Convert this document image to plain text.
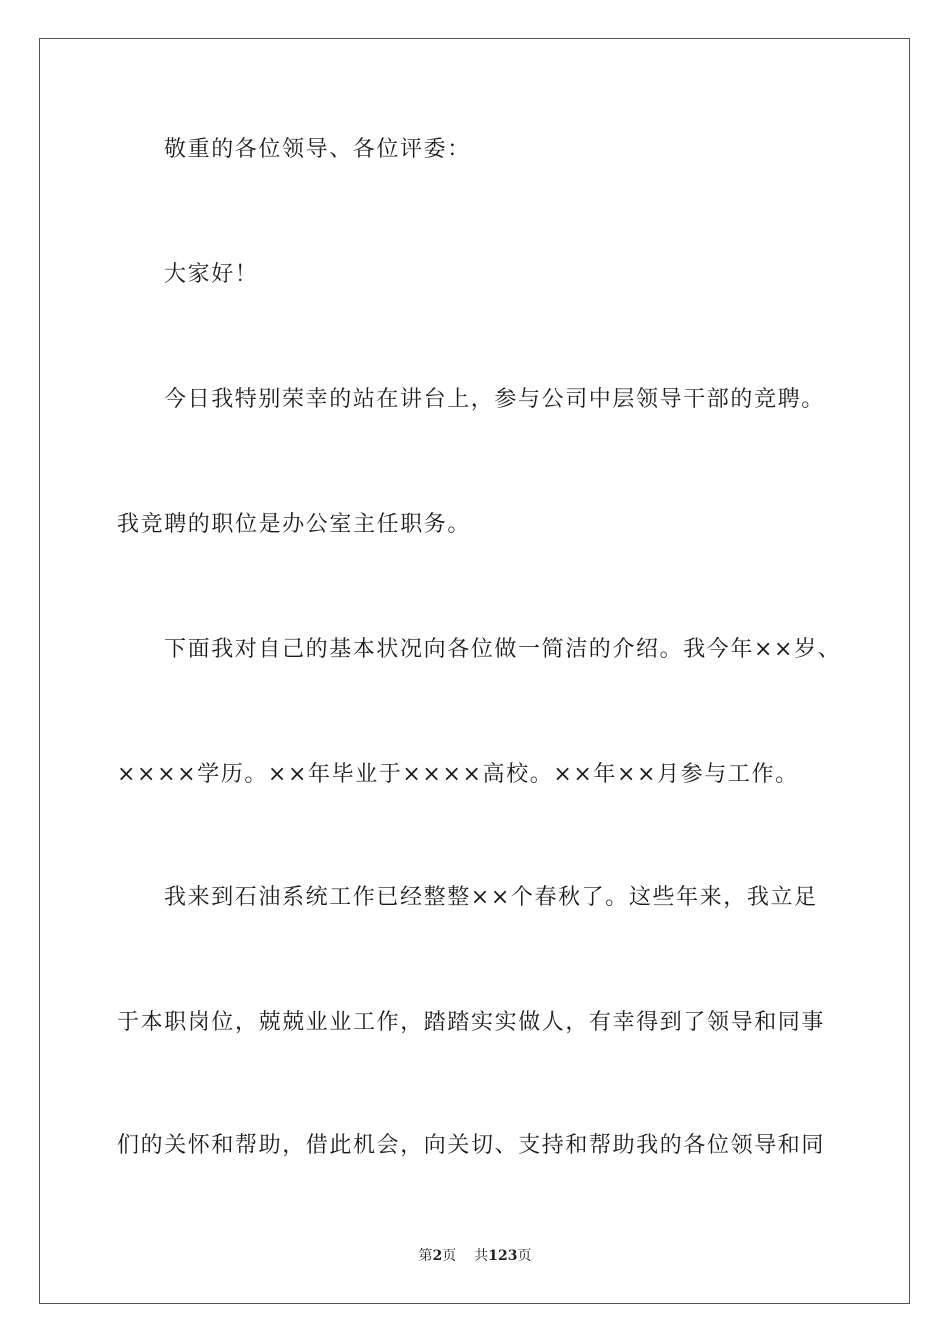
敬重的各位领导、各位评委：
大家好！
今日我特别荣幸的站在讲台上，参与公司中层领导干部的竞聘。
我竞聘的职位是办公室主任职务。
下面我对自己的基本状况向各位做一简洁的介绍。我今年××岁、
××××学历。××年毕业于××××高校。××年××月参与工作。
我来到石油系统工作已经整整××个春秋了。这些年来，我立足
于本职岗位，兢兢业业工作，踏踏实实做人，有幸得到了领导和同事
们的关怀和帮助，借此机会，向关切、支持和帮助我的各位领导和同
第2页 共123页
